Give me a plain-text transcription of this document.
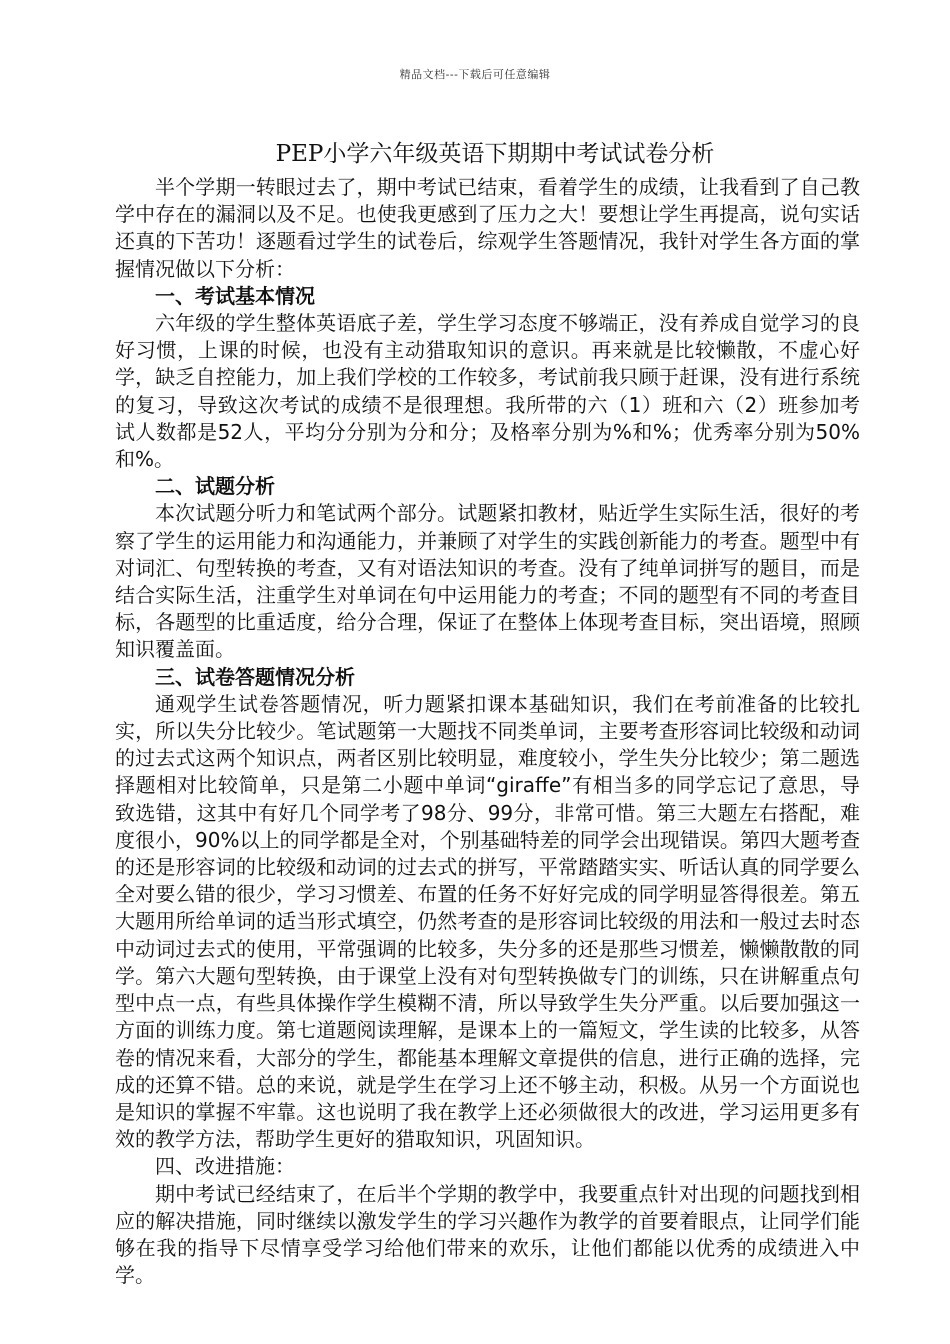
精品文档---下载后可任意编辑
PEP小学六年级英语下期期中考试试卷分析

半个学期一转眼过去了，期中考试已结束，看着学生的成绩，让我看到了自己教学中存在的漏洞以及不足。也使我更感到了压力之大！要想让学生再提高，说句实话还真的下苦功！逐题看过学生的试卷后，综观学生答题情况，我针对学生各方面的掌握情况做以下分析：

一、考试基本情况

六年级的学生整体英语底子差，学生学习态度不够端正，没有养成自觉学习的良好习惯，上课的时候，也没有主动猎取知识的意识。再来就是比较懒散，不虚心好学，缺乏自控能力，加上我们学校的工作较多，考试前我只顾于赶课，没有进行系统的复习，导致这次考试的成绩不是很理想。我所带的六（1）班和六（2）班参加考试人数都是52人，平均分分别为分和分；及格率分别为%和%；优秀率分别为50%和%。

二、试题分析

本次试题分听力和笔试两个部分。试题紧扣教材，贴近学生实际生活，很好的考察了学生的运用能力和沟通能力，并兼顾了对学生的实践创新能力的考查。题型中有对词汇、句型转换的考查，又有对语法知识的考查。没有了纯单词拼写的题目，而是结合实际生活，注重学生对单词在句中运用能力的考查；不同的题型有不同的考查目标，各题型的比重适度，给分合理，保证了在整体上体现考查目标，突出语境，照顾知识覆盖面。

三、试卷答题情况分析

通观学生试卷答题情况，听力题紧扣课本基础知识，我们在考前准备的比较扎实，所以失分比较少。笔试题第一大题找不同类单词，主要考查形容词比较级和动词的过去式这两个知识点，两者区别比较明显，难度较小，学生失分比较少；第二题选择题相对比较简单，只是第二小题中单词“giraffe”有相当多的同学忘记了意思，导致选错，这其中有好几个同学考了98分、99分，非常可惜。第三大题左右搭配，难度很小，90%以上的同学都是全对，个别基础特差的同学会出现错误。第四大题考查的还是形容词的比较级和动词的过去式的拼写，平常踏踏实实、听话认真的同学要么全对要么错的很少，学习习惯差、布置的任务不好好完成的同学明显答得很差。第五大题用所给单词的适当形式填空，仍然考查的是形容词比较级的用法和一般过去时态中动词过去式的使用，平常强调的比较多，失分多的还是那些习惯差，懒懒散散的同学。第六大题句型转换，由于课堂上没有对句型转换做专门的训练，只在讲解重点句型中点一点，有些具体操作学生模糊不清，所以导致学生失分严重。以后要加强这一方面的训练力度。第七道题阅读理解，是课本上的一篇短文，学生读的比较多，从答卷的情况来看，大部分的学生，都能基本理解文章提供的信息，进行正确的选择，完成的还算不错。总的来说，就是学生在学习上还不够主动，积极。从另一个方面说也是知识的掌握不牢靠。这也说明了我在教学上还必须做很大的改进，学习运用更多有效的教学方法，帮助学生更好的猎取知识，巩固知识。

四、改进措施：

期中考试已经结束了，在后半个学期的教学中，我要重点针对出现的问题找到相应的解决措施，同时继续以激发学生的学习兴趣作为教学的首要着眼点，让同学们能够在我的指导下尽情享受学习给他们带来的欢乐，让他们都能以优秀的成绩进入中学。
